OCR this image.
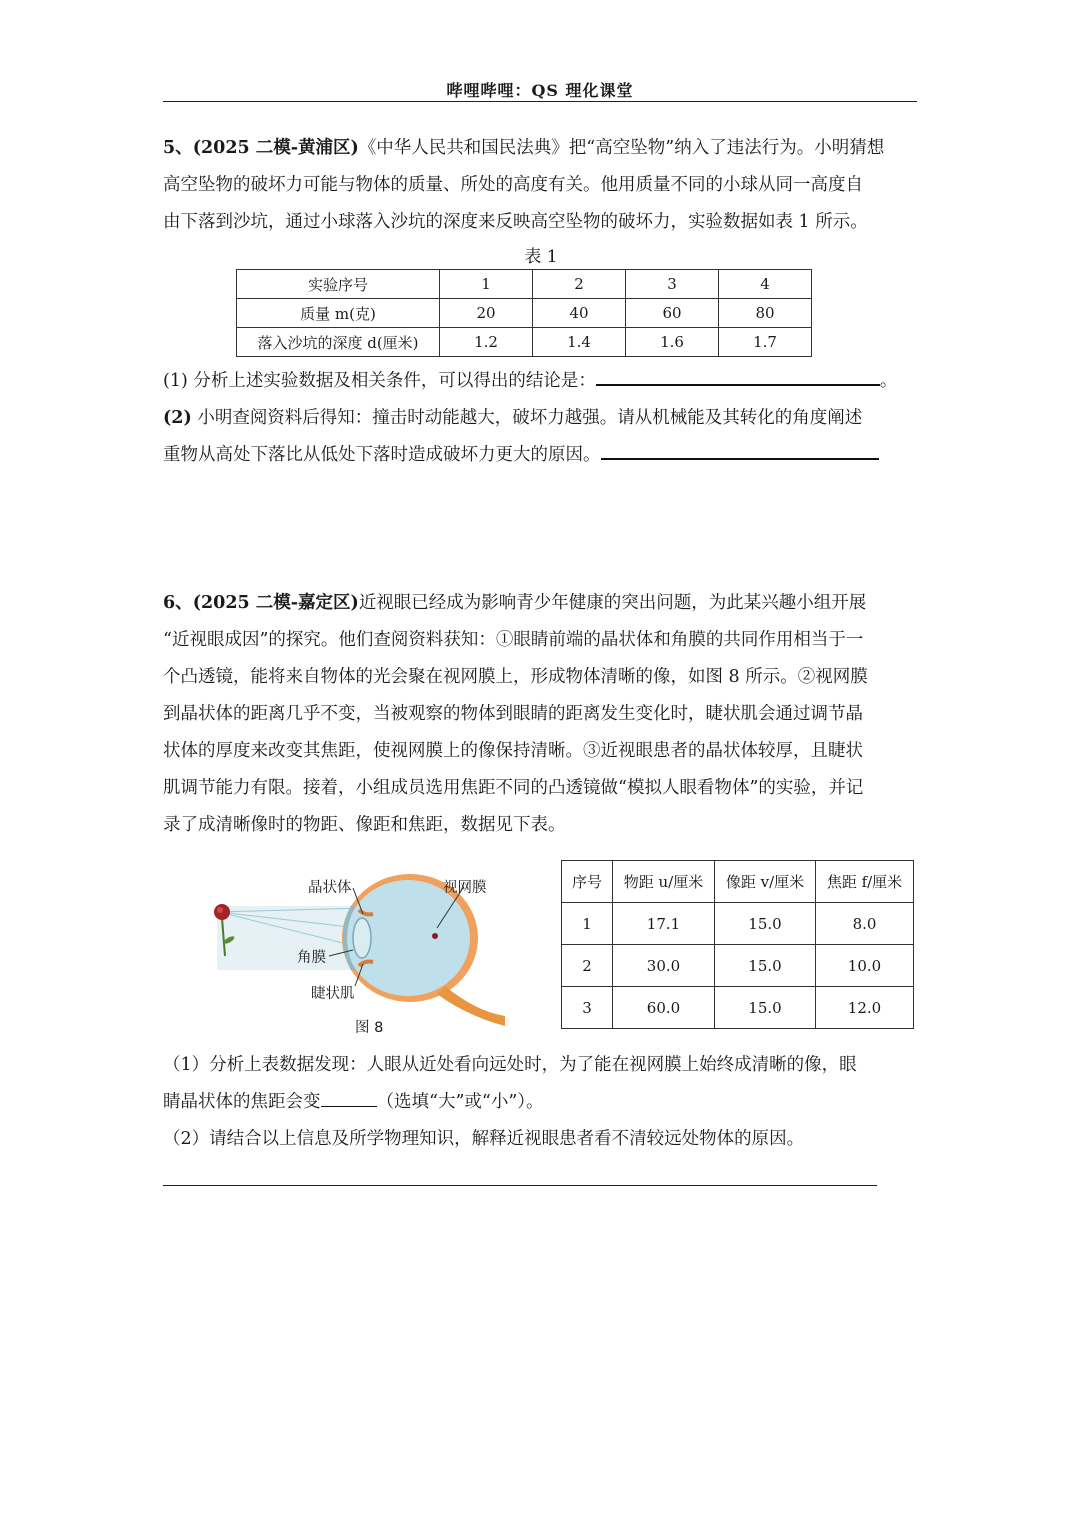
哔哩哔哩：QS 理化课堂
5、(2025 二模-黄浦区)《中华人民共和国民法典》把“高空坠物”纳入了违法行为。小明猜想
高空坠物的破坏力可能与物体的质量、所处的高度有关。他用质量不同的小球从同一高度自
由下落到沙坑，通过小球落入沙坑的深度来反映高空坠物的破坏力，实验数据如表 1 所示。
表 1
实验序号	1	2	3	4
质量 m(克)	20	40	60	80
落入沙坑的深度 d(厘米)	1.2	1.4	1.6	1.7
(1) 分析上述实验数据及相关条件，可以得出的结论是：	。
(2) 小明查阅资料后得知：撞击时动能越大，破坏力越强。请从机械能及其转化的角度阐述
重物从高处下落比从低处下落时造成破坏力更大的原因。
6、(2025 二模-嘉定区)近视眼已经成为影响青少年健康的突出问题，为此某兴趣小组开展
“近视眼成因”的探究。他们查阅资料获知：①眼睛前端的晶状体和角膜的共同作用相当于一
个凸透镜，能将来自物体的光会聚在视网膜上，形成物体清晰的像，如图 8 所示。②视网膜
到晶状体的距离几乎不变，当被观察的物体到眼睛的距离发生变化时，睫状肌会通过调节晶
状体的厚度来改变其焦距，使视网膜上的像保持清晰。③近视眼患者的晶状体较厚，且睫状
肌调节能力有限。接着，小组成员选用焦距不同的凸透镜做“模拟人眼看物体”的实验，并记
录了成清晰像时的物距、像距和焦距，数据见下表。
晶状体	视网膜
角膜
睫状肌
图 8
序号	物距 u/厘米	像距 v/厘米	焦距 f/厘米
1	17.1	15.0	8.0
2	30.0	15.0	10.0
3	60.0	15.0	12.0
（1）分析上表数据发现：人眼从近处看向远处时，为了能在视网膜上始终成清晰的像，眼
睛晶状体的焦距会变	（选填“大”或“小”）。
（2）请结合以上信息及所学物理知识，解释近视眼患者看不清较远处物体的原因。
